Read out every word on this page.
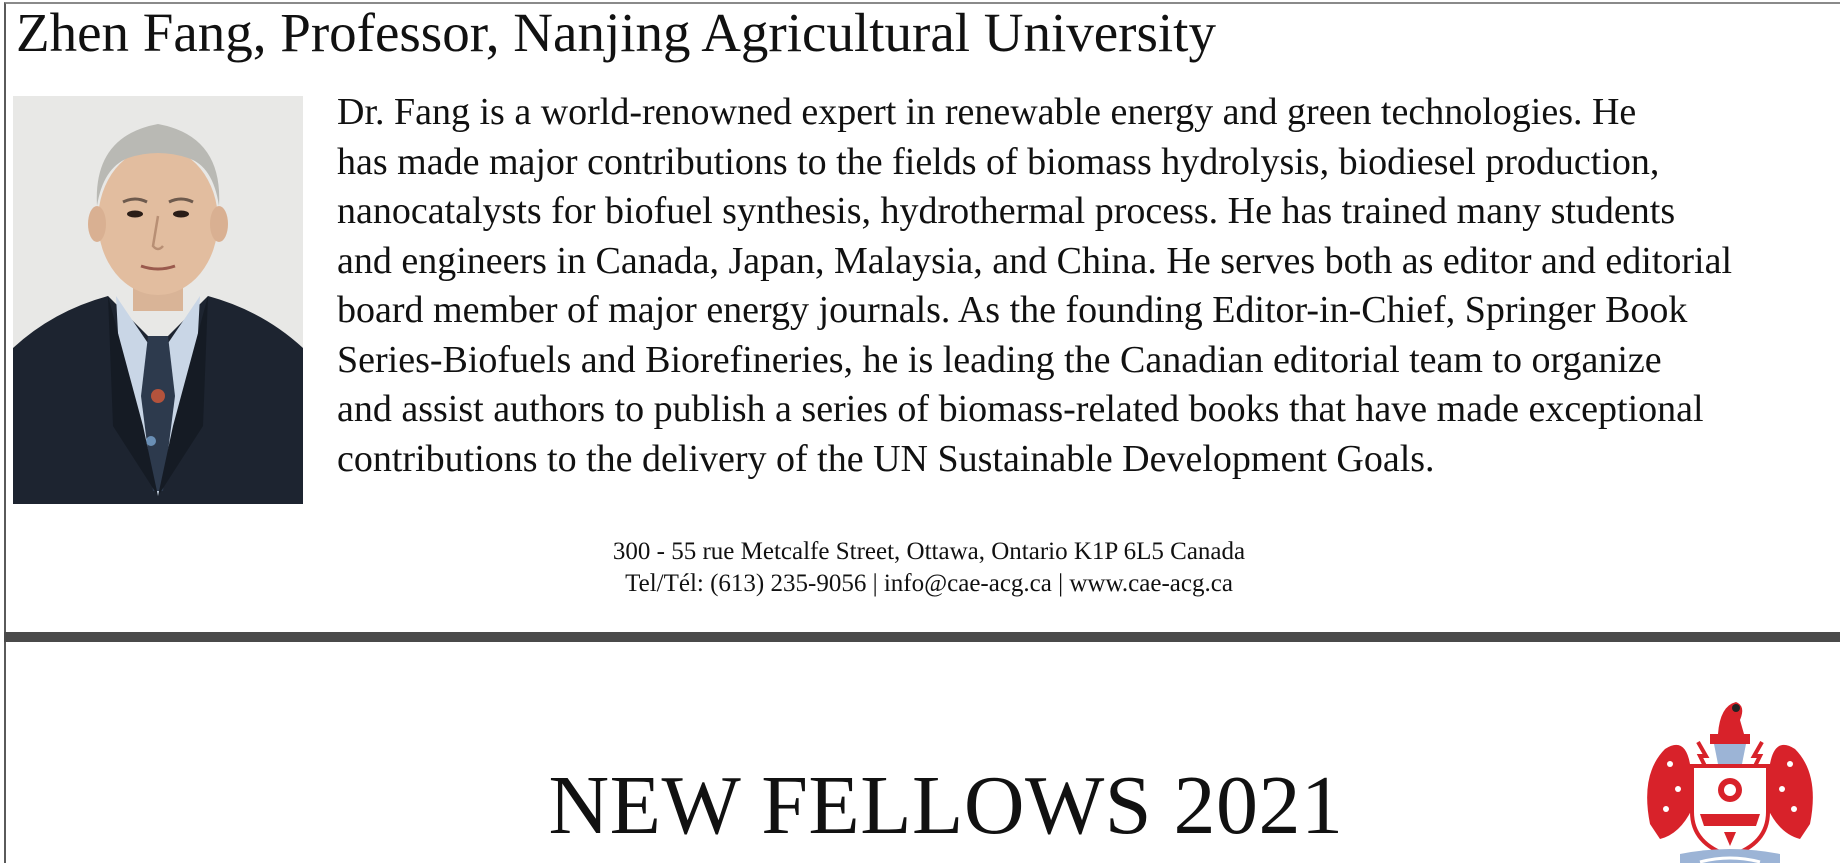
Zhen Fang, Professor, Nanjing Agricultural University
Dr. Fang is a world-renowned expert in renewable energy and green technologies. He
has made major contributions to the fields of biomass hydrolysis, biodiesel production,
nanocatalysts for biofuel synthesis, hydrothermal process. He has trained many students
and engineers in Canada, Japan, Malaysia, and China. He serves both as editor and editorial
board member of major energy journals. As the founding Editor-in-Chief, Springer Book
Series-Biofuels and Biorefineries, he is leading the Canadian editorial team to organize
and assist authors to publish a series of biomass-related books that have made exceptional
contributions to the delivery of the UN Sustainable Development Goals.
300 - 55 rue Metcalfe Street, Ottawa, Ontario K1P 6L5 Canada
Tel/Tél: (613) 235-9056 | info@cae-acg.ca | www.cae-acg.ca
NEW FELLOWS 2021
